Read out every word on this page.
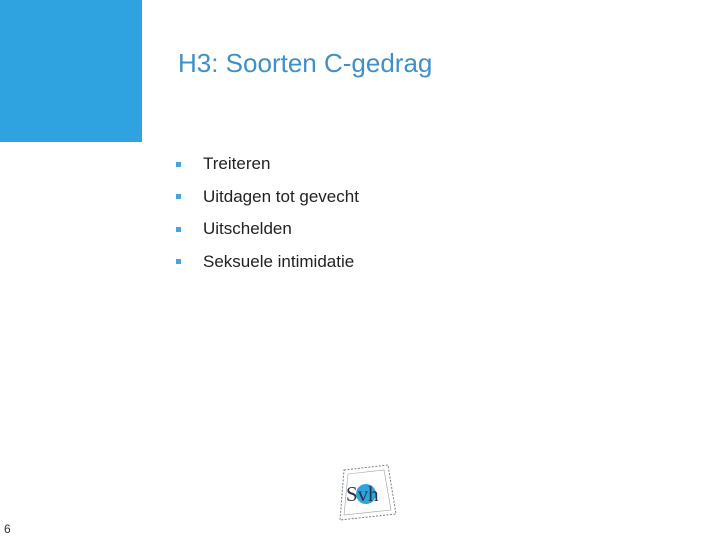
H3: Soorten C-gedrag
Treiteren
Uitdagen tot gevecht
Uitschelden
Seksuele intimidatie
Svh
6
